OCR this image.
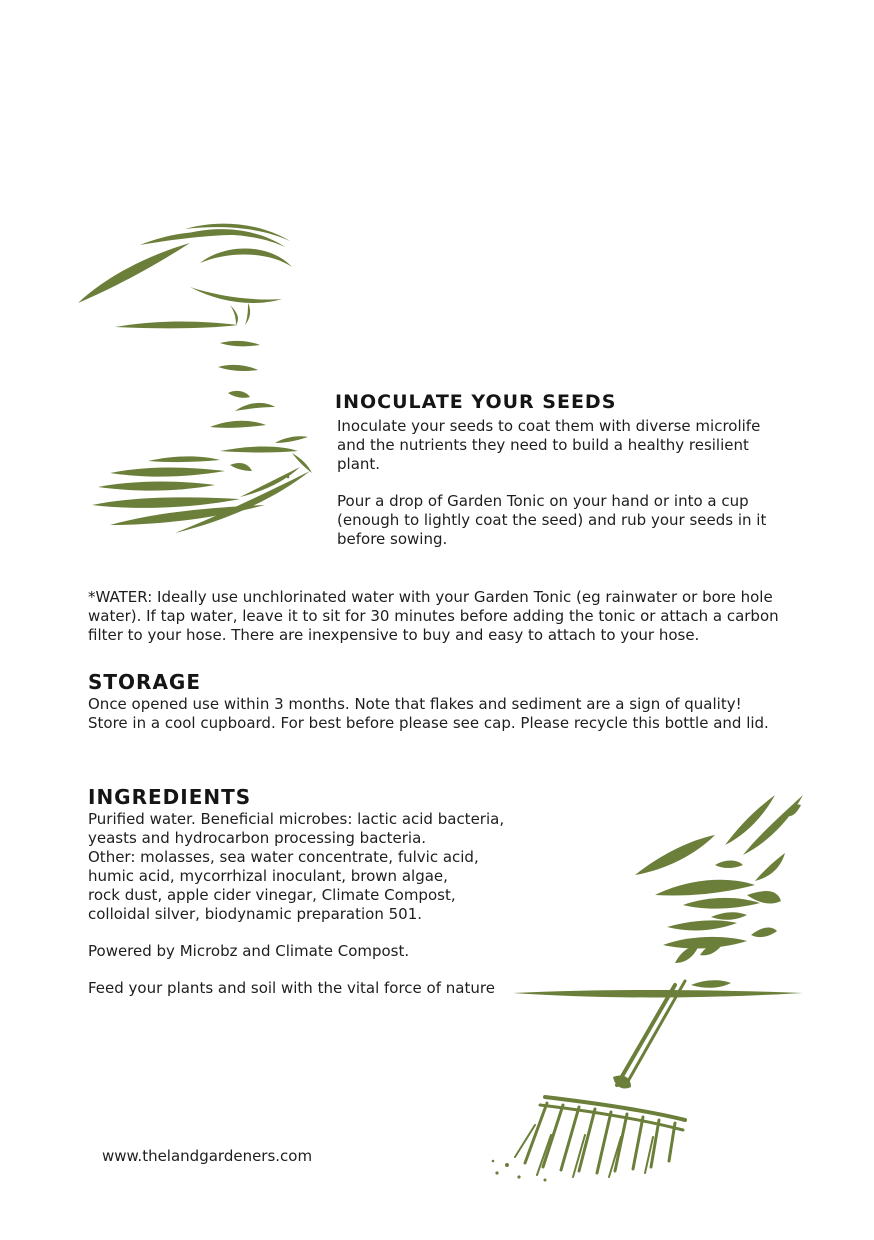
INOCULATE YOUR SEEDS
Inoculate your seeds to coat them with diverse microlife
and the nutrients they need to build a healthy resilient
plant.
Pour a drop of Garden Tonic on your hand or into a cup
(enough to lightly coat the seed) and rub your seeds in it
before sowing.
*WATER: Ideally use unchlorinated water with your Garden Tonic (eg rainwater or bore hole
water). If tap water, leave it to sit for 30 minutes before adding the tonic or attach a carbon
filter to your hose. There are inexpensive to buy and easy to attach to your hose.
STORAGE
Once opened use within 3 months. Note that flakes and sediment are a sign of quality!
Store in a cool cupboard. For best before please see cap. Please recycle this bottle and lid.
INGREDIENTS
Purified water. Beneficial microbes: lactic acid bacteria,
yeasts and hydrocarbon processing bacteria.
Other: molasses, sea water concentrate, fulvic acid,
humic acid, mycorrhizal inoculant, brown algae,
rock dust, apple cider vinegar, Climate Compost,
colloidal silver, biodynamic preparation 501.
Powered by Microbz and Climate Compost.
Feed your plants and soil with the vital force of nature
www.thelandgardeners.com
